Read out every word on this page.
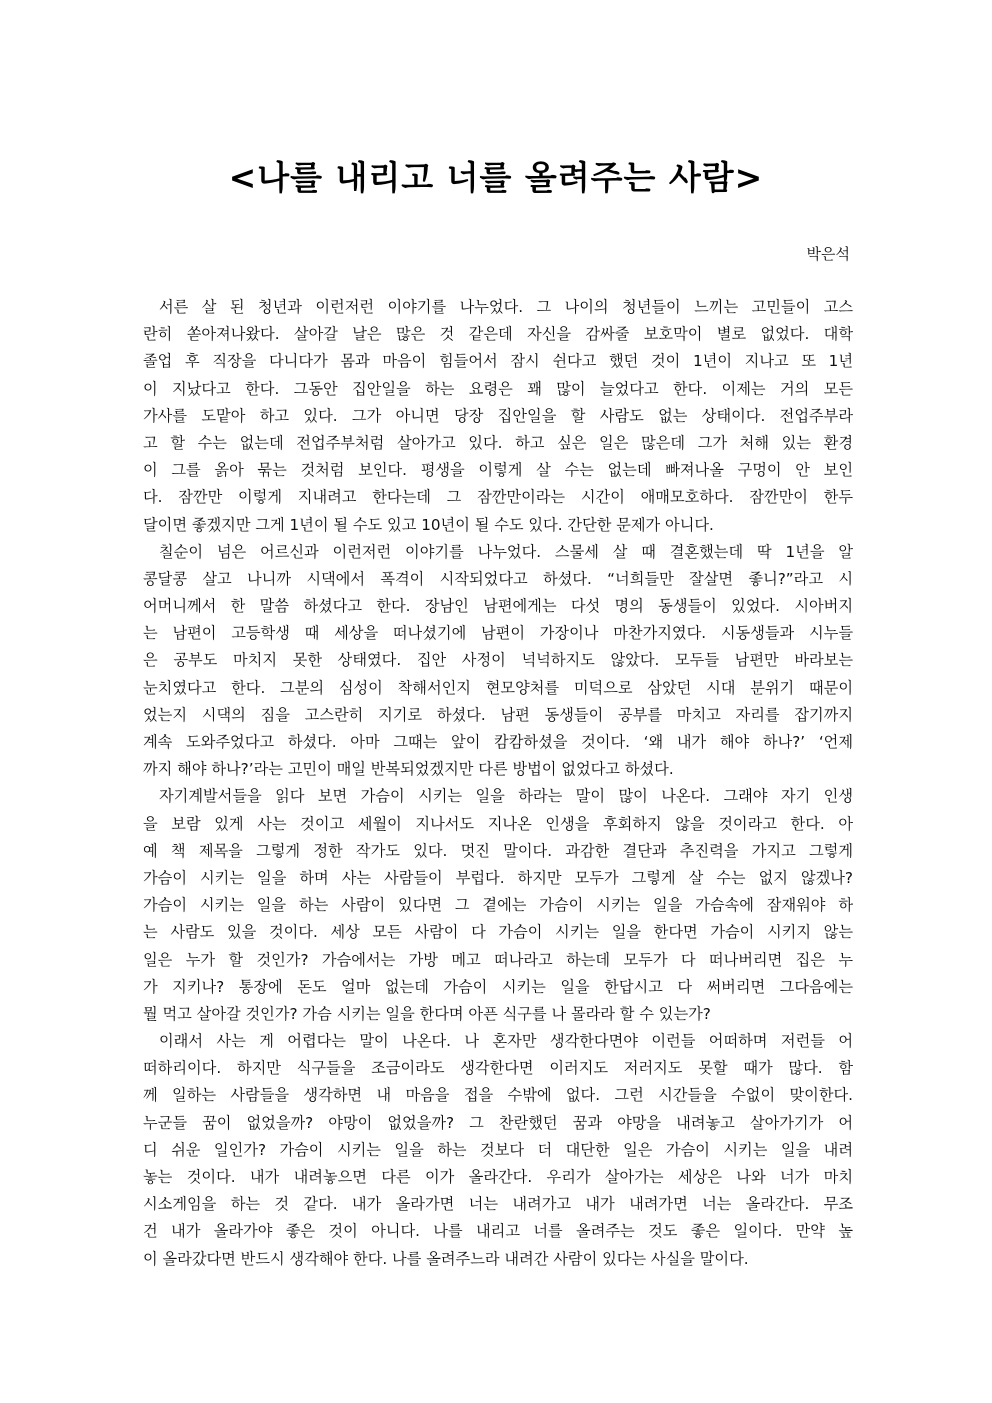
<나를 내리고 너를 올려주는 사람>
박은석
서른 살 된 청년과 이런저런 이야기를 나누었다. 그 나이의 청년들이 느끼는 고민들이 고스
란히 쏟아져나왔다. 살아갈 날은 많은 것 같은데 자신을 감싸줄 보호막이 별로 없었다. 대학
졸업 후 직장을 다니다가 몸과 마음이 힘들어서 잠시 쉰다고 했던 것이 1년이 지나고 또 1년
이 지났다고 한다. 그동안 집안일을 하는 요령은 꽤 많이 늘었다고 한다. 이제는 거의 모든
가사를 도맡아 하고 있다. 그가 아니면 당장 집안일을 할 사람도 없는 상태이다. 전업주부라
고 할 수는 없는데 전업주부처럼 살아가고 있다. 하고 싶은 일은 많은데 그가 처해 있는 환경
이 그를 옭아 묶는 것처럼 보인다. 평생을 이렇게 살 수는 없는데 빠져나올 구멍이 안 보인
다. 잠깐만 이렇게 지내려고 한다는데 그 잠깐만이라는 시간이 애매모호하다. 잠깐만이 한두
달이면 좋겠지만 그게 1년이 될 수도 있고 10년이 될 수도 있다. 간단한 문제가 아니다.
칠순이 넘은 어르신과 이런저런 이야기를 나누었다. 스물세 살 때 결혼했는데 딱 1년을 알
콩달콩 살고 나니까 시댁에서 폭격이 시작되었다고 하셨다. “너희들만 잘살면 좋니?”라고 시
어머니께서 한 말씀 하셨다고 한다. 장남인 남편에게는 다섯 명의 동생들이 있었다. 시아버지
는 남편이 고등학생 때 세상을 떠나셨기에 남편이 가장이나 마찬가지였다. 시동생들과 시누들
은 공부도 마치지 못한 상태였다. 집안 사정이 넉넉하지도 않았다. 모두들 남편만 바라보는
눈치였다고 한다. 그분의 심성이 착해서인지 현모양처를 미덕으로 삼았던 시대 분위기 때문이
었는지 시댁의 짐을 고스란히 지기로 하셨다. 남편 동생들이 공부를 마치고 자리를 잡기까지
계속 도와주었다고 하셨다. 아마 그때는 앞이 캄캄하셨을 것이다. ‘왜 내가 해야 하나?’ ‘언제
까지 해야 하나?’라는 고민이 매일 반복되었겠지만 다른 방법이 없었다고 하셨다.
자기계발서들을 읽다 보면 가슴이 시키는 일을 하라는 말이 많이 나온다. 그래야 자기 인생
을 보람 있게 사는 것이고 세월이 지나서도 지나온 인생을 후회하지 않을 것이라고 한다. 아
예 책 제목을 그렇게 정한 작가도 있다. 멋진 말이다. 과감한 결단과 추진력을 가지고 그렇게
가슴이 시키는 일을 하며 사는 사람들이 부럽다. 하지만 모두가 그렇게 살 수는 없지 않겠나?
가슴이 시키는 일을 하는 사람이 있다면 그 곁에는 가슴이 시키는 일을 가슴속에 잠재워야 하
는 사람도 있을 것이다. 세상 모든 사람이 다 가슴이 시키는 일을 한다면 가슴이 시키지 않는
일은 누가 할 것인가? 가슴에서는 가방 메고 떠나라고 하는데 모두가 다 떠나버리면 집은 누
가 지키나? 통장에 돈도 얼마 없는데 가슴이 시키는 일을 한답시고 다 써버리면 그다음에는
뭘 먹고 살아갈 것인가? 가슴 시키는 일을 한다며 아픈 식구를 나 몰라라 할 수 있는가?
이래서 사는 게 어렵다는 말이 나온다. 나 혼자만 생각한다면야 이런들 어떠하며 저런들 어
떠하리이다. 하지만 식구들을 조금이라도 생각한다면 이러지도 저러지도 못할 때가 많다. 함
께 일하는 사람들을 생각하면 내 마음을 접을 수밖에 없다. 그런 시간들을 수없이 맞이한다.
누군들 꿈이 없었을까? 야망이 없었을까? 그 찬란했던 꿈과 야망을 내려놓고 살아가기가 어
디 쉬운 일인가? 가슴이 시키는 일을 하는 것보다 더 대단한 일은 가슴이 시키는 일을 내려
놓는 것이다. 내가 내려놓으면 다른 이가 올라간다. 우리가 살아가는 세상은 나와 너가 마치
시소게임을 하는 것 같다. 내가 올라가면 너는 내려가고 내가 내려가면 너는 올라간다. 무조
건 내가 올라가야 좋은 것이 아니다. 나를 내리고 너를 올려주는 것도 좋은 일이다. 만약 높
이 올라갔다면 반드시 생각해야 한다. 나를 올려주느라 내려간 사람이 있다는 사실을 말이다.
